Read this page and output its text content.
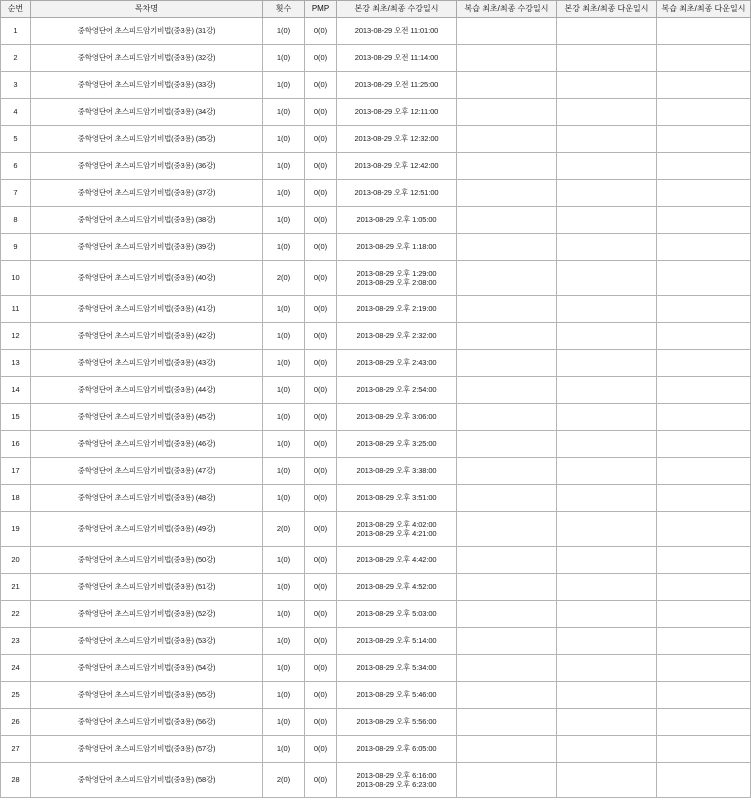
순번	목차명	횟수	PMP	본강 최초/최종 수강일시	복습 최초/최종 수강일시	본강 최초/최종 다운일시	복습 최초/최종 다운일시
1	중학영단어 초스피드암기비법(중3용) (31강)	1(0)	0(0)	2013-08-29 오전 11:01:00			

2	중학영단어 초스피드암기비법(중3용) (32강)	1(0)	0(0)	2013-08-29 오전 11:14:00			

3	중학영단어 초스피드암기비법(중3용) (33강)	1(0)	0(0)	2013-08-29 오전 11:25:00			

4	중학영단어 초스피드암기비법(중3용) (34강)	1(0)	0(0)	2013-08-29 오후 12:11:00			

5	중학영단어 초스피드암기비법(중3용) (35강)	1(0)	0(0)	2013-08-29 오후 12:32:00			

6	중학영단어 초스피드암기비법(중3용) (36강)	1(0)	0(0)	2013-08-29 오후 12:42:00			

7	중학영단어 초스피드암기비법(중3용) (37강)	1(0)	0(0)	2013-08-29 오후 12:51:00			

8	중학영단어 초스피드암기비법(중3용) (38강)	1(0)	0(0)	2013-08-29 오후 1:05:00			

9	중학영단어 초스피드암기비법(중3용) (39강)	1(0)	0(0)	2013-08-29 오후 1:18:00			

10	중학영단어 초스피드암기비법(중3용) (40강)	2(0)	0(0)	2013-08-29 오후 1:29:00
2013-08-29 오후 2:08:00			

11	중학영단어 초스피드암기비법(중3용) (41강)	1(0)	0(0)	2013-08-29 오후 2:19:00			

12	중학영단어 초스피드암기비법(중3용) (42강)	1(0)	0(0)	2013-08-29 오후 2:32:00			

13	중학영단어 초스피드암기비법(중3용) (43강)	1(0)	0(0)	2013-08-29 오후 2:43:00			

14	중학영단어 초스피드암기비법(중3용) (44강)	1(0)	0(0)	2013-08-29 오후 2:54:00			

15	중학영단어 초스피드암기비법(중3용) (45강)	1(0)	0(0)	2013-08-29 오후 3:06:00			

16	중학영단어 초스피드암기비법(중3용) (46강)	1(0)	0(0)	2013-08-29 오후 3:25:00			

17	중학영단어 초스피드암기비법(중3용) (47강)	1(0)	0(0)	2013-08-29 오후 3:38:00			

18	중학영단어 초스피드암기비법(중3용) (48강)	1(0)	0(0)	2013-08-29 오후 3:51:00			

19	중학영단어 초스피드암기비법(중3용) (49강)	2(0)	0(0)	2013-08-29 오후 4:02:00
2013-08-29 오후 4:21:00			

20	중학영단어 초스피드암기비법(중3용) (50강)	1(0)	0(0)	2013-08-29 오후 4:42:00			

21	중학영단어 초스피드암기비법(중3용) (51강)	1(0)	0(0)	2013-08-29 오후 4:52:00			

22	중학영단어 초스피드암기비법(중3용) (52강)	1(0)	0(0)	2013-08-29 오후 5:03:00			

23	중학영단어 초스피드암기비법(중3용) (53강)	1(0)	0(0)	2013-08-29 오후 5:14:00			

24	중학영단어 초스피드암기비법(중3용) (54강)	1(0)	0(0)	2013-08-29 오후 5:34:00			

25	중학영단어 초스피드암기비법(중3용) (55강)	1(0)	0(0)	2013-08-29 오후 5:46:00			

26	중학영단어 초스피드암기비법(중3용) (56강)	1(0)	0(0)	2013-08-29 오후 5:56:00			

27	중학영단어 초스피드암기비법(중3용) (57강)	1(0)	0(0)	2013-08-29 오후 6:05:00			

28	중학영단어 초스피드암기비법(중3용) (58강)	2(0)	0(0)	2013-08-29 오후 6:16:00
2013-08-29 오후 6:23:00			
